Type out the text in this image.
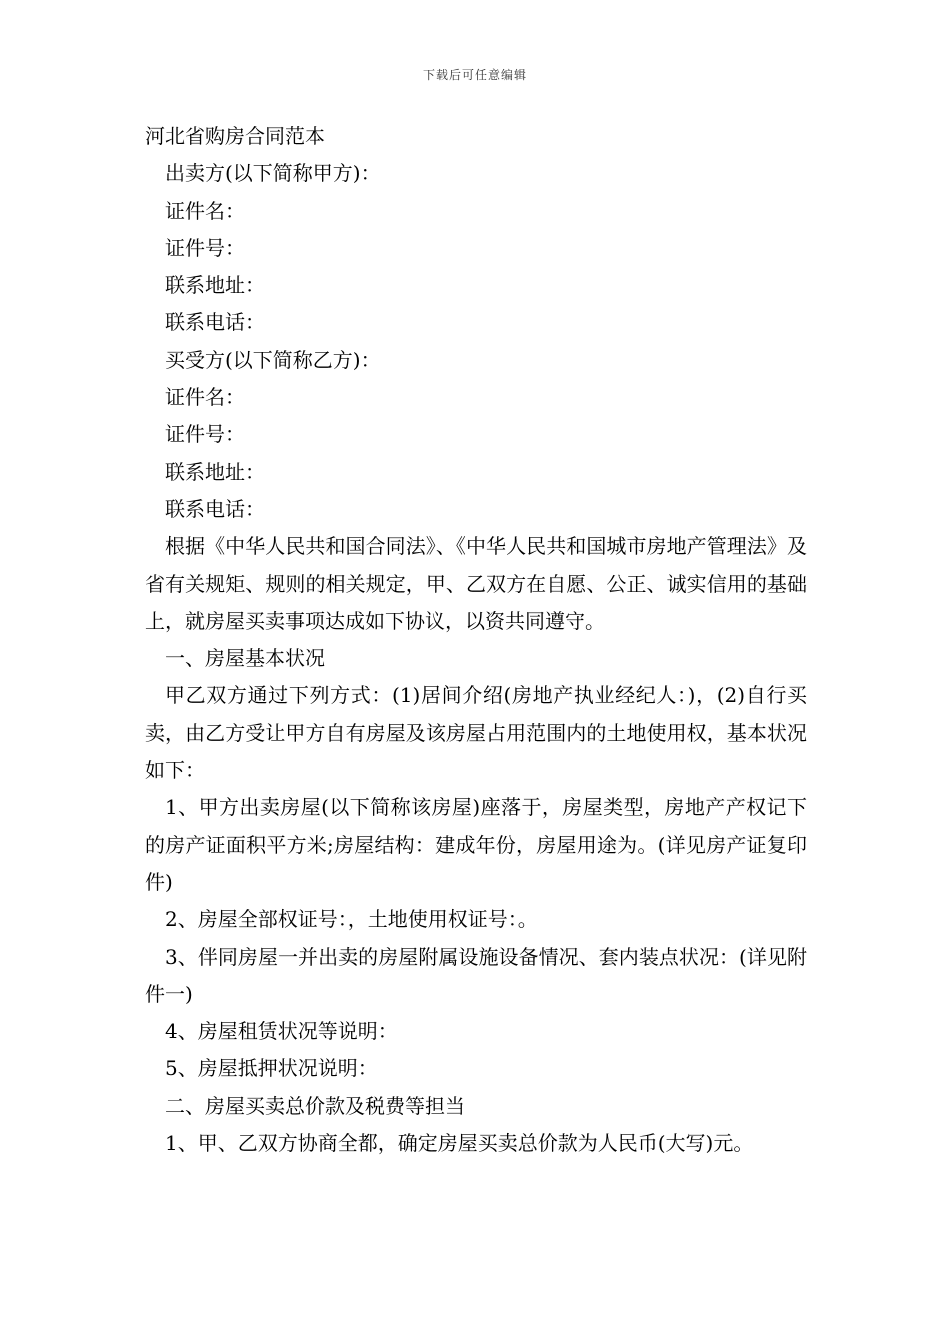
下载后可任意编辑
河北省购房合同范本

出卖方(以下简称甲方)：

证件名：

证件号：

联系地址：

联系电话：

买受方(以下简称乙方)：

证件名：

证件号：

联系地址：

联系电话：

根据《中华人民共和国合同法》、《中华人民共和国城市房地产管理法》及省有关规矩、规则的相关规定，甲、乙双方在自愿、公正、诚实信用的基础上，就房屋买卖事项达成如下协议，以资共同遵守。

一、房屋基本状况

甲乙双方通过下列方式：(1)居间介绍(房地产执业经纪人：)，(2)自行买卖，由乙方受让甲方自有房屋及该房屋占用范围内的土地使用权，基本状况如下：

1、甲方出卖房屋(以下简称该房屋)座落于，房屋类型，房地产产权记下的房产证面积平方米;房屋结构：建成年份，房屋用途为。(详见房产证复印件)

2、房屋全部权证号：，土地使用权证号：。

3、伴同房屋一并出卖的房屋附属设施设备情况、套内装点状况：(详见附件一)

4、房屋租赁状况等说明：

5、房屋抵押状况说明：

二、房屋买卖总价款及税费等担当

1、甲、乙双方协商全都，确定房屋买卖总价款为人民币(大写)元。
